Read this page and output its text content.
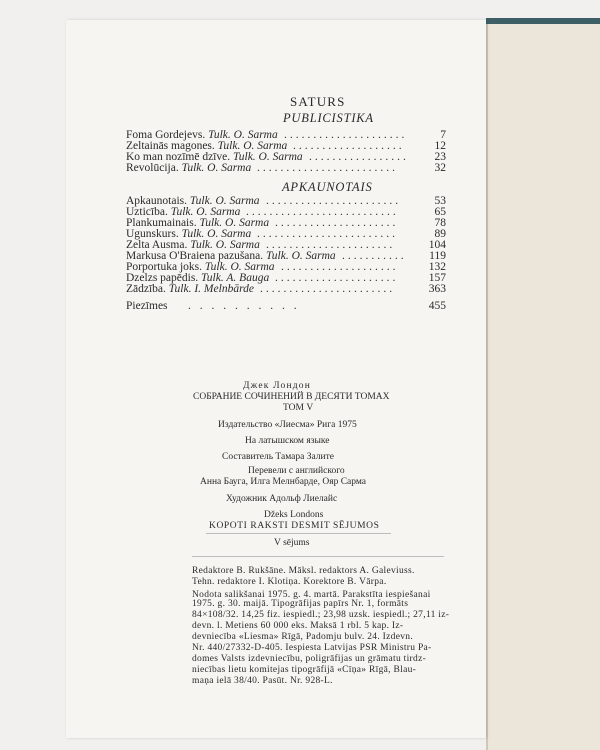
SATURS
PUBLICISTIKA
Foma Gordejevs. Tulk. O. Sarma	7
.....................
Zeltainās magones. Tulk. O. Sarma	12
...................
Ko man nozīmē dzīve. Tulk. O. Sarma	23
.................
Revolūcija. Tulk. O. Sarma	32
........................
APKAUNOTAIS
Apkaunotais. Tulk. O. Sarma	53
.......................
Uzticība. Tulk. O. Sarma	65
..........................
Plankumainais. Tulk. O. Sarma	78
.....................
Ugunskurs. Tulk. O. Sarma	89
........................
Zelta Ausma. Tulk. O. Sarma	104
......................
Markusa O'Braiena pazušana. Tulk. O. Sarma	119
...........
Porportuka joks. Tulk. O. Sarma	132
....................
Dzelzs papēdis. Tulk. A. Bauga	157
.....................
Zādzība. Tulk. I. Melnbārde	363
.......................
Piezīmes . . . . . . . . . .	455
Джек Лондон
СОБРАНИЕ СОЧИНЕНИЙ В ДЕСЯТИ ТОМАХ
ТОМ V
Издательство «Лиесма» Рига 1975
На латышском языке
Составитель Тамара Залите
Перевели с английского
Анна Бауга, Илга Мелнбарде, Ояр Сарма
Художник Адольф Лиелайс
Džeks Londons
KOPOTI RAKSTI DESMIT SĒJUMOS
V sējums
Redaktore B. Rukšāne. Māksl. redaktors A. Galeviuss.
Tehn. redaktore I. Klotiņa. Korektore B. Vārpa.
Nodota salikšanai 1975. g. 4. martā. Parakstīta iespiešanai
1975. g. 30. maijā. Tipogrāfijas papīrs Nr. 1, formāts
84×108/32. 14,25 fiz. iespiedl.; 23,98 uzsk. iespiedl.; 27,11 iz-
devn. l. Metiens 60 000 eks. Maksā 1 rbl. 5 kap. Iz-
devniecība «Liesma» Rīgā, Padomju bulv. 24. Izdevn.
Nr. 440/27332-D-405. Iespiesta Latvijas PSR Ministru Pa-
domes Valsts izdevniecību, poligrāfijas un grāmatu tirdz-
niecības lietu komitejas tipogrāfijā «Cīņa» Rīgā, Blau-
maņa ielā 38/40. Pasūt. Nr. 928-L.
